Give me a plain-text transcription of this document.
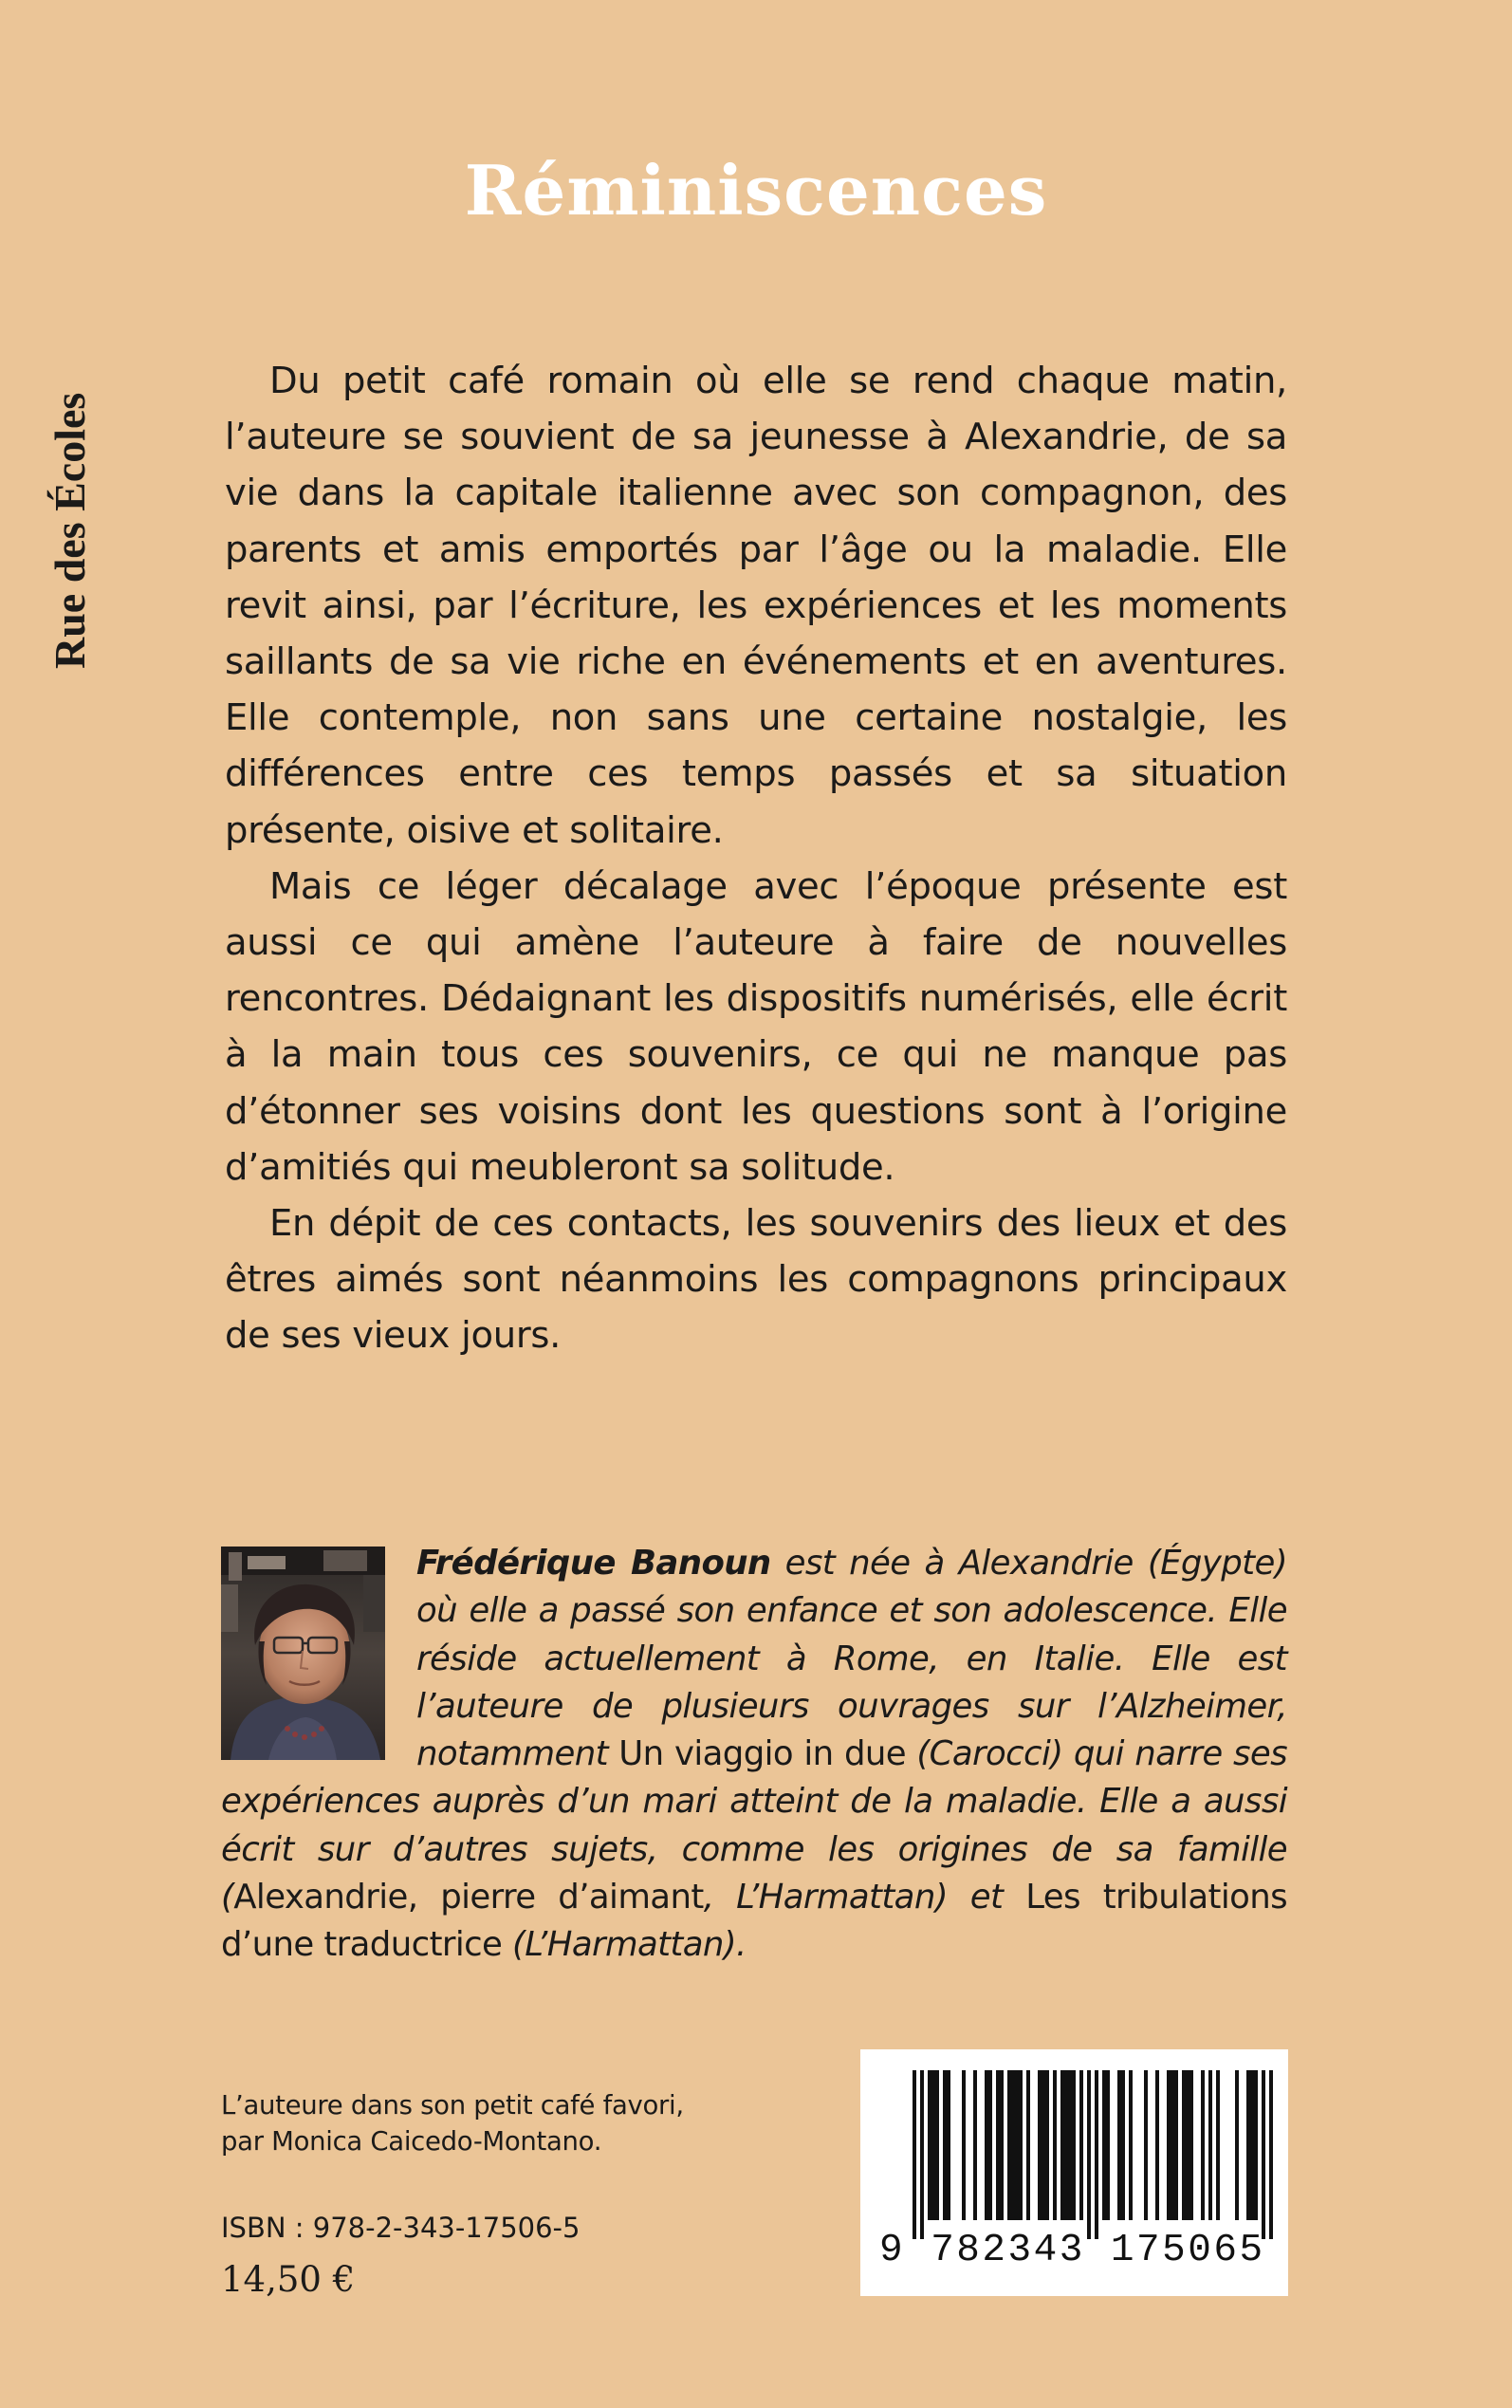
Réminiscences
Rue des Écoles

Du petit café romain où elle se rend chaque matin, l’auteure se souvient de sa jeunesse à Alexandrie, de sa vie dans la capitale italienne avec son compagnon, des parents et amis emportés par l’âge ou la maladie. Elle revit ainsi, par l’écriture, les expériences et les moments saillants de sa vie riche en événements et en aventures. Elle contemple, non sans une certaine nostalgie, les différences entre ces temps passés et sa situation présente, oisive et solitaire.

Mais ce léger décalage avec l’époque présente est aussi ce qui amène l’auteure à faire de nouvelles rencontres. Dédaignant les dispositifs numérisés, elle écrit à la main tous ces souvenirs, ce qui ne manque pas d’étonner ses voisins dont les questions sont à l’origine d’amitiés qui meubleront sa solitude.

En dépit de ces contacts, les souvenirs des lieux et des êtres aimés sont néanmoins les compagnons principaux de ses vieux jours.

Frédérique Banoun est née à Alexandrie (Égypte) où elle a passé son enfance et son adolescence. Elle réside actuellement à Rome, en Italie. Elle est l’auteure de plusieurs ouvrages sur l’Alzheimer, notamment Un viaggio in due (Carocci) qui narre ses expériences auprès d’un mari atteint de la maladie. Elle a aussi écrit sur d’autres sujets, comme les origines de sa famille (Alexandrie, pierre d’aimant, L’Harmattan) et Les tribulations d’une traductrice (L’Harmattan).
L’auteure dans son petit café favori,
par Monica Caicedo-Montano.
ISBN : 978-2-343-17506-5
14,50 €
9 782343 175065
